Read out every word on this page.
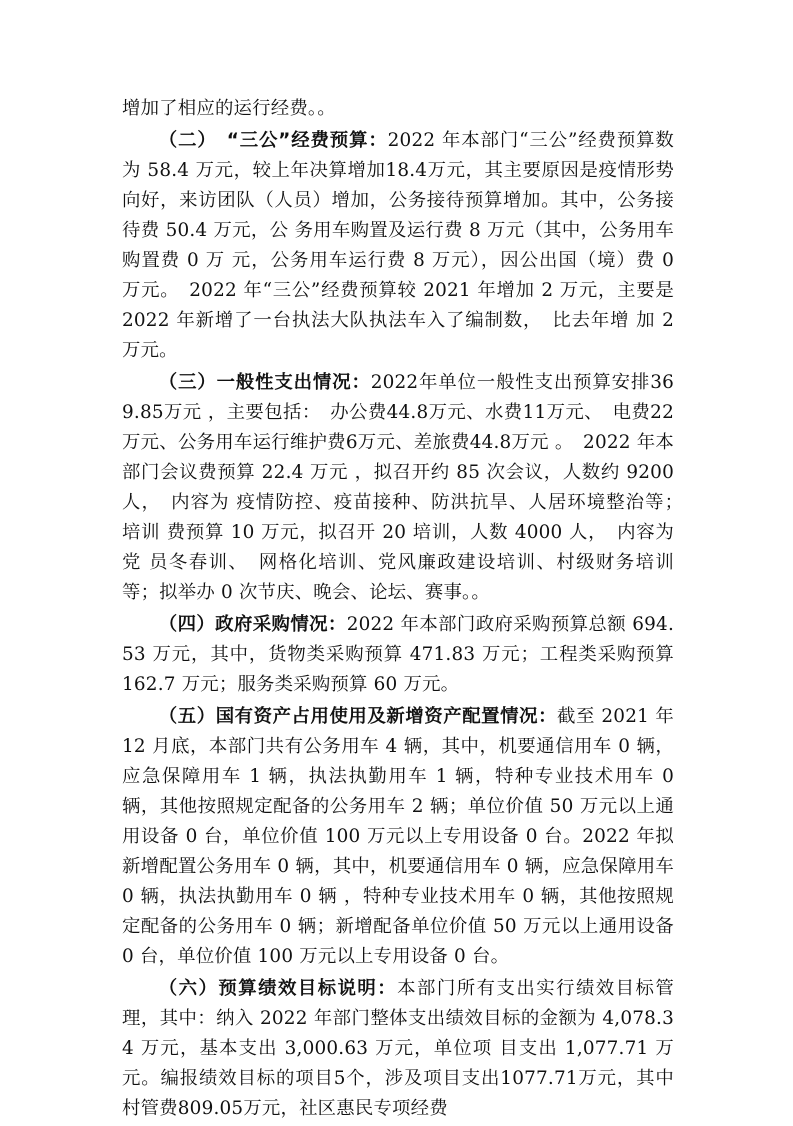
增加了相应的运行经费。。

（二）　“三公”经费预算：2022 年本部门“三公”经费预算数为 58.4 万元，较上年决算增加18.4万元，其主要原因是疫情形势向好，来访团队（人员）增加，公务接待预算增加。其中，公务接待费 50.4 万元，公 务用车购置及运行费 8 万元（其中，公务用车购置费 0 万 元，公务用车运行费 8 万元），因公出国（境）费 0 万元。　2022 年“三公”经费预算较 2021 年增加 2 万元，主要是 2022 年新增了一台执法大队执法车入了编制数，　比去年增 加 2 万元。

（三）一般性支出情况：2022年单位一般性支出预算安排369.85万元 ，主要包括：　办公费44.8万元、水费11万元、　电费22万元、公务用车运行维护费6万元、差旅费44.8万元 。　2022 年本部门会议费预算 22.4 万元 ，拟召开约 85 次会议，人数约 9200 人，　内容为 疫情防控、疫苗接种、防洪抗旱、人居环境整治等；　培训 费预算 10 万元，拟召开 20 培训，人数 4000 人，　内容为党 员冬春训、　网格化培训、党风廉政建设培训、村级财务培训等；拟举办 0 次节庆、晚会、论坛、赛事。。

（四）政府采购情况：2022 年本部门政府采购预算总额 694.53 万元，其中，货物类采购预算 471.83 万元；工程类采购预算 162.7 万元；服务类采购预算 60 万元。

（五）国有资产占用使用及新增资产配置情况：截至 2021 年 12 月底，本部门共有公务用车 4 辆，其中，机要通信用车 0 辆，应急保障用车 1 辆，执法执勤用车 1 辆，特种专业技术用车 0 辆，其他按照规定配备的公务用车 2 辆；单位价值 50 万元以上通用设备 0 台，单位价值 100 万元以上专用设备 0 台。2022 年拟新增配置公务用车 0 辆，其中，机要通信用车 0 辆，应急保障用车 0 辆，执法执勤用车 0 辆 ，特种专业技术用车 0 辆，其他按照规定配备的公务用车 0 辆；新增配备单位价值 50 万元以上通用设备 0 台，单位价值 100 万元以上专用设备 0 台。

（六）预算绩效目标说明：本部门所有支出实行绩效目标管理，其中：纳入 2022 年部门整体支出绩效目标的金额为 4,078.34 万元，基本支出 3,000.63 万元，单位项 目支出 1,077.71 万元。编报绩效目标的项目5个，涉及项目支出1077.71万元，其中村管费809.05万元，社区惠民专项经费
